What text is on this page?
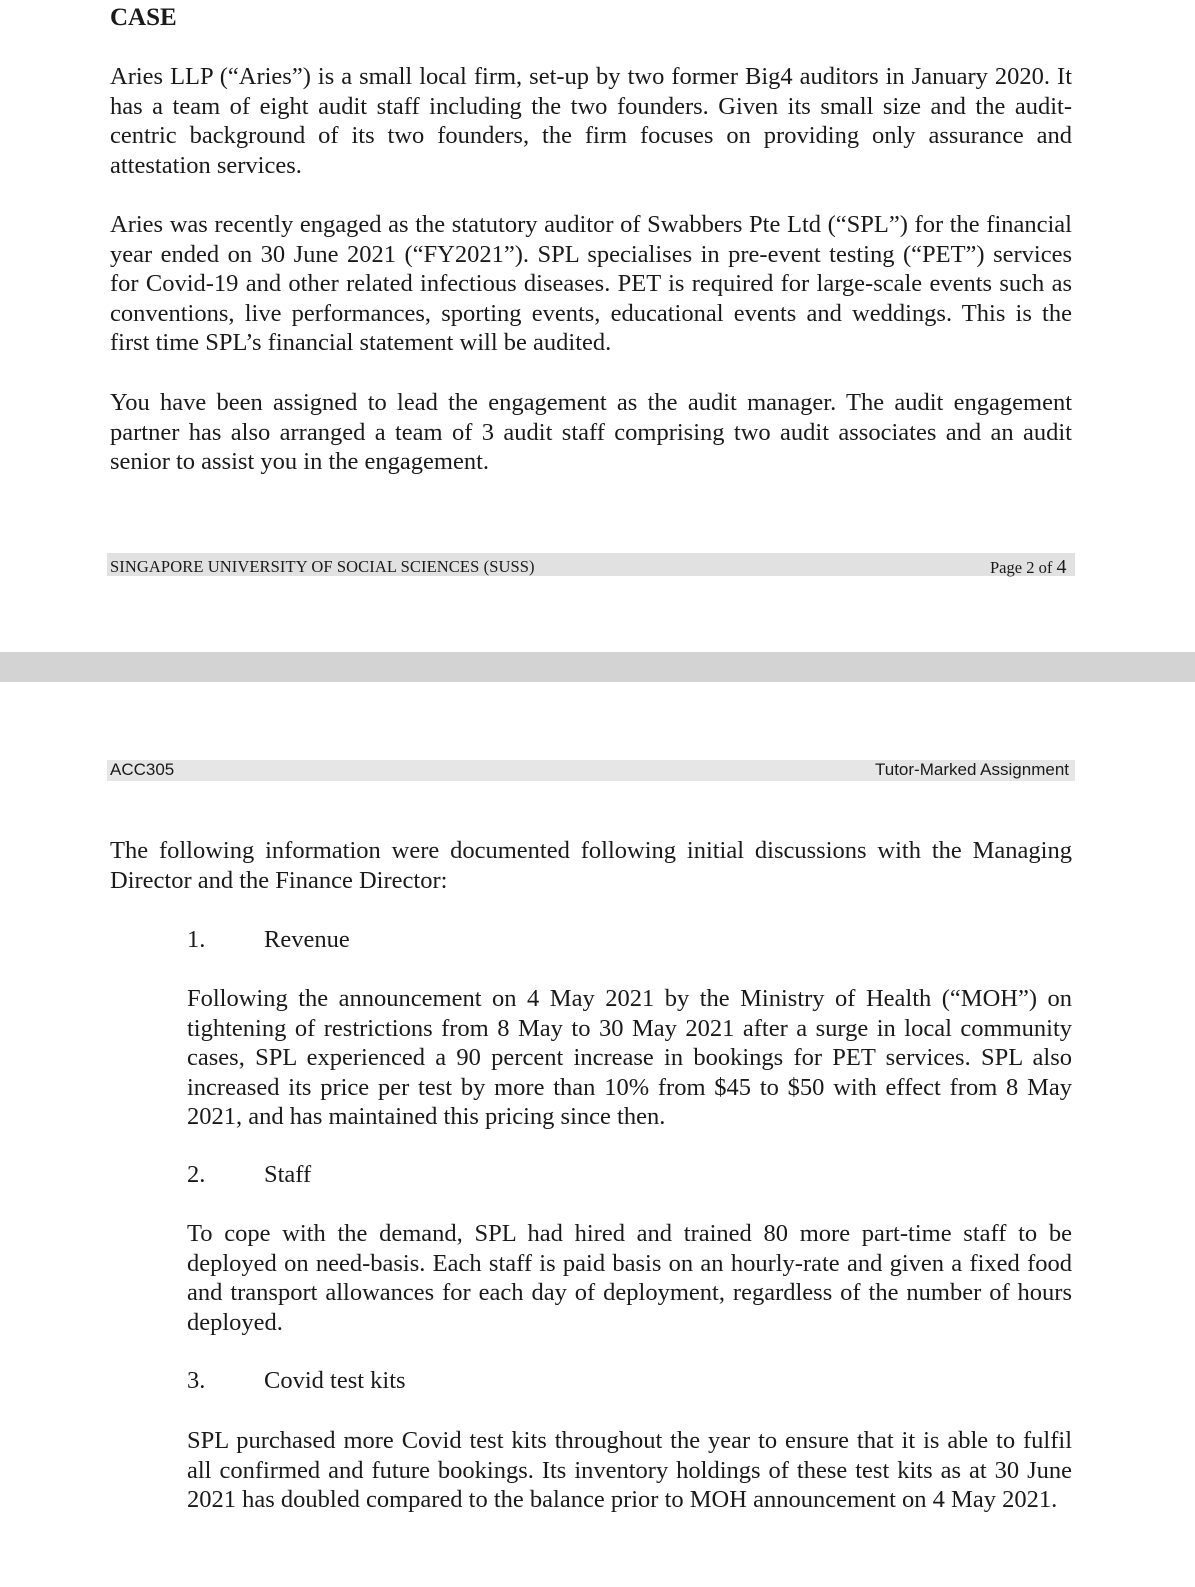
CASE

Aries LLP (“Aries”) is a small local firm, set-up by two former Big4 auditors in January 2020. It has a team of eight audit staff including the two founders. Given its small size and the audit-centric background of its two founders, the firm focuses on providing only assurance and attestation services.

Aries was recently engaged as the statutory auditor of Swabbers Pte Ltd (“SPL”) for the financial year ended on 30 June 2021 (“FY2021”). SPL specialises in pre-event testing (“PET”) services for Covid-19 and other related infectious diseases. PET is required for large-scale events such as conventions, live performances, sporting events, educational events and weddings. This is the first time SPL’s financial statement will be audited.

You have been assigned to lead the engagement as the audit manager. The audit engagement partner has also arranged a team of 3 audit staff comprising two audit associates and an audit senior to assist you in the engagement.

SINGAPORE UNIVERSITY OF SOCIAL SCIENCES (SUSS)	Page 2 of 4
ACC305	Tutor-Marked Assignment

The following information were documented following initial discussions with the Managing Director and the Finance Director:

1. Revenue

Following the announcement on 4 May 2021 by the Ministry of Health (“MOH”) on tightening of restrictions from 8 May to 30 May 2021 after a surge in local community cases, SPL experienced a 90 percent increase in bookings for PET services. SPL also increased its price per test by more than 10% from $45 to $50 with effect from 8 May 2021, and has maintained this pricing since then.

2. Staff

To cope with the demand, SPL had hired and trained 80 more part-time staff to be deployed on need-basis. Each staff is paid basis on an hourly-rate and given a fixed food and transport allowances for each day of deployment, regardless of the number of hours deployed.

3. Covid test kits

SPL purchased more Covid test kits throughout the year to ensure that it is able to fulfil all confirmed and future bookings. Its inventory holdings of these test kits as at 30 June 2021 has doubled compared to the balance prior to MOH announcement on 4 May 2021.
